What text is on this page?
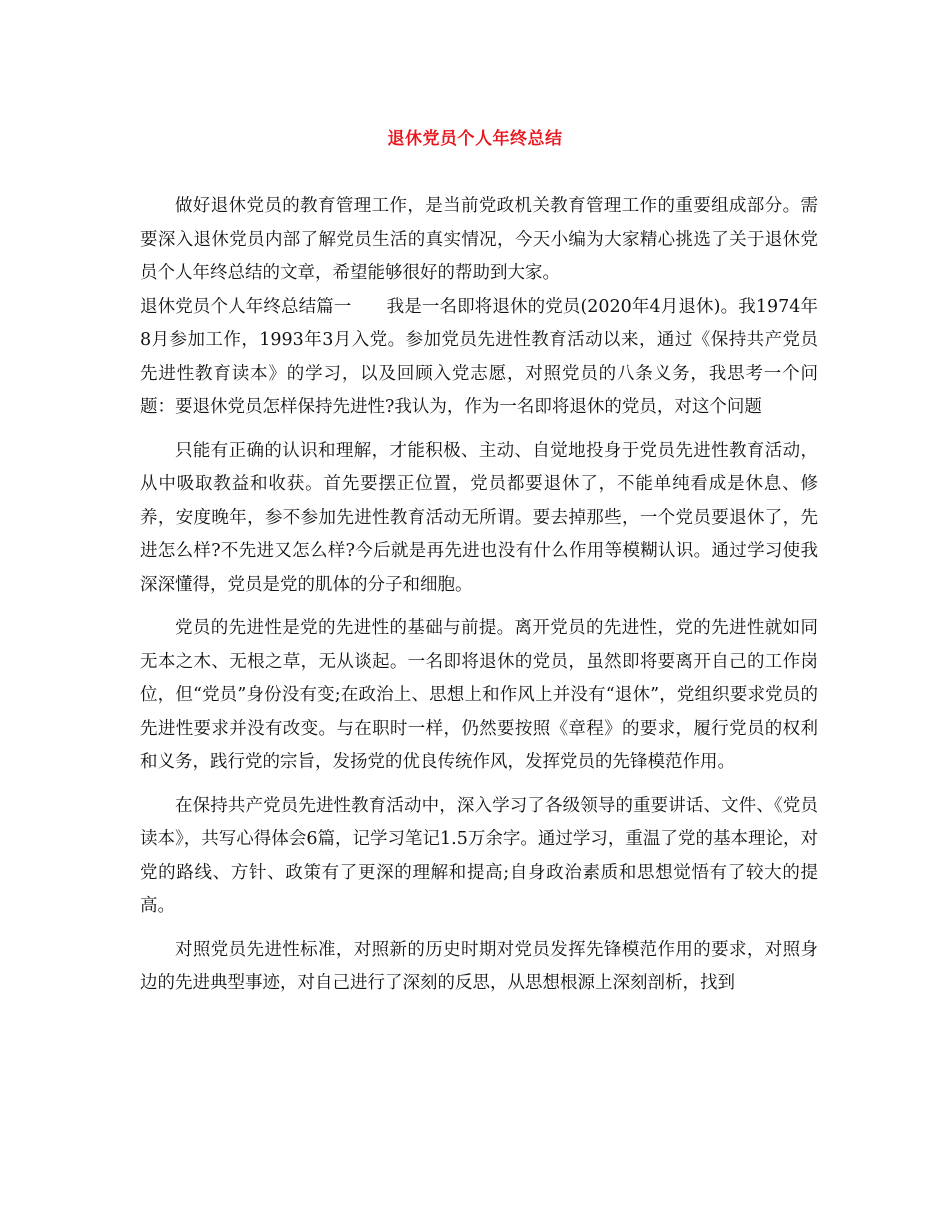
退休党员个人年终总结

做好退休党员的教育管理工作，是当前党政机关教育管理工作的重要组成部分。需要深入退休党员内部了解党员生活的真实情况，今天小编为大家精心挑选了关于退休党员个人年终总结的文章，希望能够很好的帮助到大家。

退休党员个人年终总结篇一　　我是一名即将退休的党员(2020年4月退休)。我1974年8月参加工作，1993年3月入党。参加党员先进性教育活动以来，通过《保持共产党员先进性教育读本》的学习，以及回顾入党志愿，对照党员的八条义务，我思考一个问题：要退休党员怎样保持先进性?我认为，作为一名即将退休的党员，对这个问题

只能有正确的认识和理解，才能积极、主动、自觉地投身于党员先进性教育活动，从中吸取教益和收获。首先要摆正位置，党员都要退休了，不能单纯看成是休息、修养，安度晚年，参不参加先进性教育活动无所谓。要去掉那些，一个党员要退休了，先进怎么样?不先进又怎么样?今后就是再先进也没有什么作用等模糊认识。通过学习使我深深懂得，党员是党的肌体的分子和细胞。

党员的先进性是党的先进性的基础与前提。离开党员的先进性，党的先进性就如同无本之木、无根之草，无从谈起。一名即将退休的党员，虽然即将要离开自己的工作岗位，但“党员”身份没有变;在政治上、思想上和作风上并没有“退休”，党组织要求党员的先进性要求并没有改变。与在职时一样，仍然要按照《章程》的要求，履行党员的权利和义务，践行党的宗旨，发扬党的优良传统作风，发挥党员的先锋模范作用。

在保持共产党员先进性教育活动中，深入学习了各级领导的重要讲话、文件、《党员读本》，共写心得体会6篇，记学习笔记1.5万余字。通过学习，重温了党的基本理论，对党的路线、方针、政策有了更深的理解和提高;自身政治素质和思想觉悟有了较大的提高。

对照党员先进性标准，对照新的历史时期对党员发挥先锋模范作用的要求，对照身边的先进典型事迹，对自己进行了深刻的反思，从思想根源上深刻剖析，找到
